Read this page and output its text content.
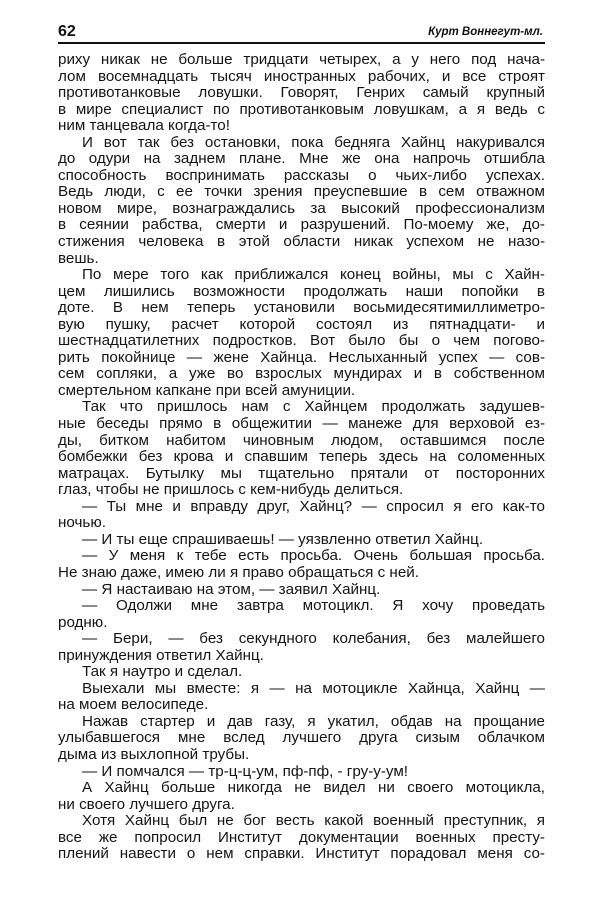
62	Курт Воннегут-мл.
риху никак не больше тридцати четырех, а у него под нача-
лом восемнадцать тысяч иностранных рабочих, и все строят
противотанковые ловушки. Говорят, Генрих самый крупный
в мире специалист по противотанковым ловушкам, а я ведь с
ним танцевала когда-то!
И вот так без остановки, пока бедняга Хайнц накуривался
до одури на заднем плане. Мне же она напрочь отшибла
способность воспринимать рассказы о чьих-либо успехах.
Ведь люди, с ее точки зрения преуспевшие в сем отважном
новом мире, вознаграждались за высокий профессионализм
в сеянии рабства, смерти и разрушений. По-моему же, до-
стижения человека в этой области никак успехом не назо-
вешь.
По мере того как приближался конец войны, мы с Хайн-
цем лишились возможности продолжать наши попойки в
доте. В нем теперь установили восьмидесятимиллиметро-
вую пушку, расчет которой состоял из пятнадцати- и
шестнадцатилетних подростков. Вот было бы о чем погово-
рить покойнице — жене Хайнца. Неслыханный успех — сов-
сем сопляки, а уже во взрослых мундирах и в собственном
смертельном капкане при всей амуниции.
Так что пришлось нам с Хайнцем продолжать задушев-
ные беседы прямо в общежитии — манеже для верховой ез-
ды, битком набитом чиновным людом, оставшимся после
бомбежки без крова и спавшим теперь здесь на соломенных
матрацах. Бутылку мы тщательно прятали от посторонних
глаз, чтобы не пришлось с кем-нибудь делиться.
— Ты мне и вправду друг, Хайнц? — спросил я его как-то
ночью.
— И ты еще спрашиваешь! — уязвленно ответил Хайнц.
— У меня к тебе есть просьба. Очень большая просьба.
Не знаю даже, имею ли я право обращаться с ней.
— Я настаиваю на этом, — заявил Хайнц.
— Одолжи мне завтра мотоцикл. Я хочу проведать
родню.
— Бери, — без секундного колебания, без малейшего
принуждения ответил Хайнц.
Так я наутро и сделал.
Выехали мы вместе: я — на мотоцикле Хайнца, Хайнц —
на моем велосипеде.
Нажав стартер и дав газу, я укатил, обдав на прощание
улыбавшегося мне вслед лучшего друга сизым облачком
дыма из выхлопной трубы.
— И помчался — тр-ц-ц-ум, пф-пф, - гру-у-ум!
А Хайнц больше никогда не видел ни своего мотоцикла,
ни своего лучшего друга.
Хотя Хайнц был не бог весть какой военный преступник, я
все же попросил Институт документации военных престу-
плений навести о нем справки. Институт порадовал меня со-
